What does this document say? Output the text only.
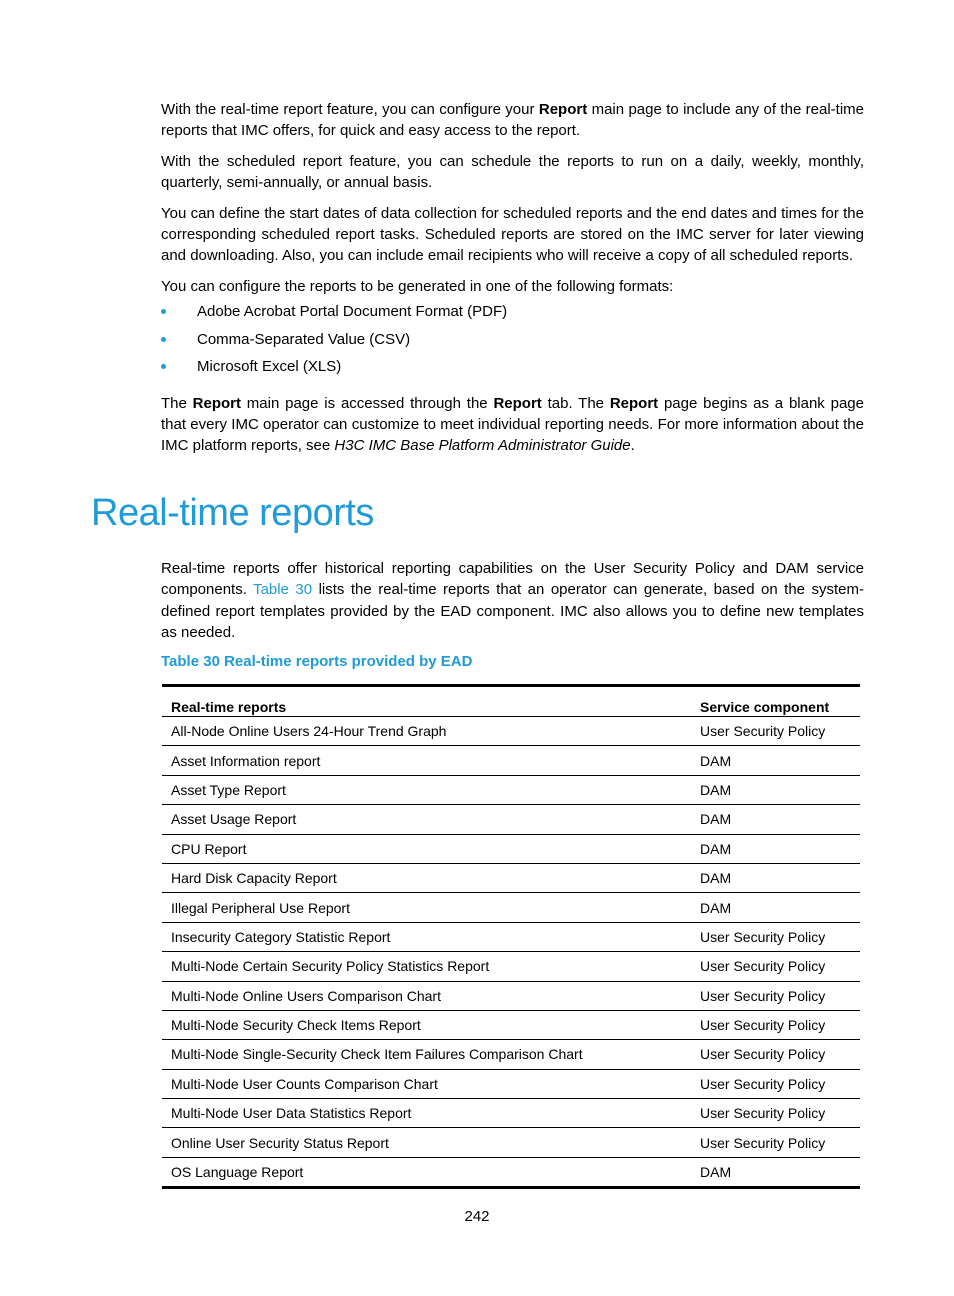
With the real-time report feature, you can configure your Report main page to include any of the real-time reports that IMC offers, for quick and easy access to the report.

With the scheduled report feature, you can schedule the reports to run on a daily, weekly, monthly, quarterly, semi-annually, or annual basis.

You can define the start dates of data collection for scheduled reports and the end dates and times for the corresponding scheduled report tasks. Scheduled reports are stored on the IMC server for later viewing and downloading. Also, you can include email recipients who will receive a copy of all scheduled reports.

You can configure the reports to be generated in one of the following formats:

Adobe Acrobat Portal Document Format (PDF)
Comma-Separated Value (CSV)
Microsoft Excel (XLS)

The Report main page is accessed through the Report tab. The Report page begins as a blank page that every IMC operator can customize to meet individual reporting needs. For more information about the IMC platform reports, see H3C IMC Base Platform Administrator Guide.

Real-time reports

Real-time reports offer historical reporting capabilities on the User Security Policy and DAM service components. Table 30 lists the real-time reports that an operator can generate, based on the system-defined report templates provided by the EAD component. IMC also allows you to define new templates as needed.

Table 30 Real-time reports provided by EAD
Real-time reports	Service component
All-Node Online Users 24-Hour Trend Graph	User Security Policy
Asset Information report	DAM
Asset Type Report	DAM
Asset Usage Report	DAM
CPU Report	DAM
Hard Disk Capacity Report	DAM
Illegal Peripheral Use Report	DAM
Insecurity Category Statistic Report	User Security Policy
Multi-Node Certain Security Policy Statistics Report	User Security Policy
Multi-Node Online Users Comparison Chart	User Security Policy
Multi-Node Security Check Items Report	User Security Policy
Multi-Node Single-Security Check Item Failures Comparison Chart	User Security Policy
Multi-Node User Counts Comparison Chart	User Security Policy
Multi-Node User Data Statistics Report	User Security Policy
Online User Security Status Report	User Security Policy
OS Language Report	DAM
242
